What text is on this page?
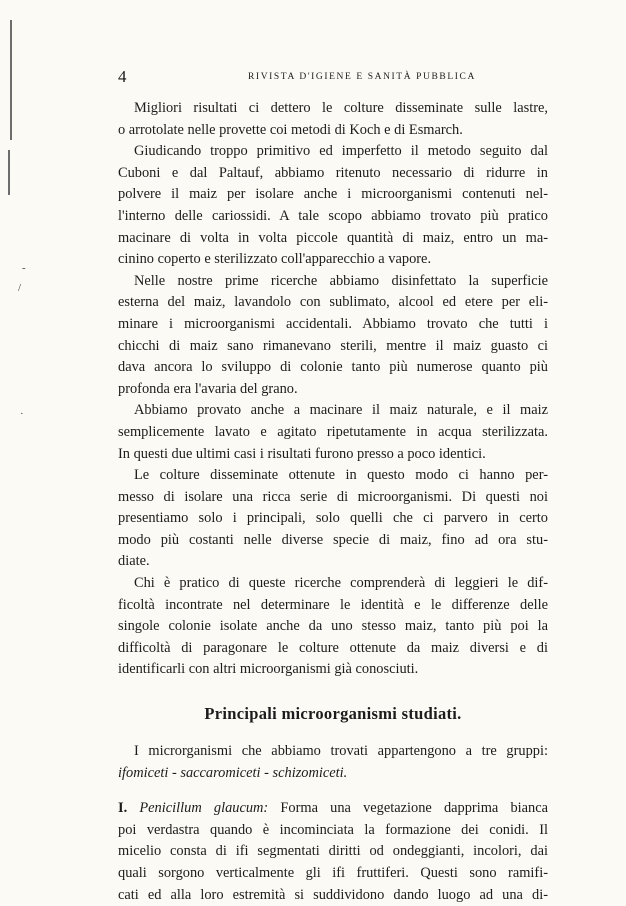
-
/
·
4	RIVISTA D'IGIENE E SANITÀ PUBBLICA

Migliori risultati ci dettero le colture disseminate sulle lastre,

o arrotolate nelle provette coi metodi di Koch e di Esmarch.

Giudicando troppo primitivo ed imperfetto il metodo seguito dal

Cuboni e dal Paltauf, abbiamo ritenuto necessario di ridurre in

polvere il maiz per isolare anche i microorganismi contenuti nel-

l'interno delle cariossidi. A tale scopo abbiamo trovato più pratico

macinare di volta in volta piccole quantità di maiz, entro un ma-

cinino coperto e sterilizzato coll'apparecchio a vapore.

Nelle nostre prime ricerche abbiamo disinfettato la superficie

esterna del maiz, lavandolo con sublimato, alcool ed etere per eli-

minare i microorganismi accidentali. Abbiamo trovato che tutti i

chicchi di maiz sano rimanevano sterili, mentre il maiz guasto ci

dava ancora lo sviluppo di colonie tanto più numerose quanto più

profonda era l'avaria del grano.

Abbiamo provato anche a macinare il maiz naturale, e il maiz

semplicemente lavato e agitato ripetutamente in acqua sterilizzata.

In questi due ultimi casi i risultati furono presso a poco identici.

Le colture disseminate ottenute in questo modo ci hanno per-

messo di isolare una ricca serie di microorganismi. Di questi noi

presentiamo solo i principali, solo quelli che ci parvero in certo

modo più costanti nelle diverse specie di maiz, fino ad ora stu-

diate.

Chi è pratico di queste ricerche comprenderà di leggieri le dif-

ficoltà incontrate nel determinare le identità e le differenze delle

singole colonie isolate anche da uno stesso maiz, tanto più poi la

difficoltà di paragonare le colture ottenute da maiz diversi e di

identificarli con altri microorganismi già conosciuti.

Principali microorganismi studiati.

I microrganismi che abbiamo trovati appartengono a tre gruppi:

ifomiceti - saccaromiceti - schizomiceti.

I. Penicillum glaucum: Forma una vegetazione dapprima bianca

poi verdastra quando è incominciata la formazione dei conidi. Il

micelio consta di ifi segmentati diritti od ondeggianti, incolori, dai

quali sorgono verticalmente gli ifi fruttiferi. Questi sono ramifi-

cati ed alla loro estremità si suddividono dando luogo ad una di-
